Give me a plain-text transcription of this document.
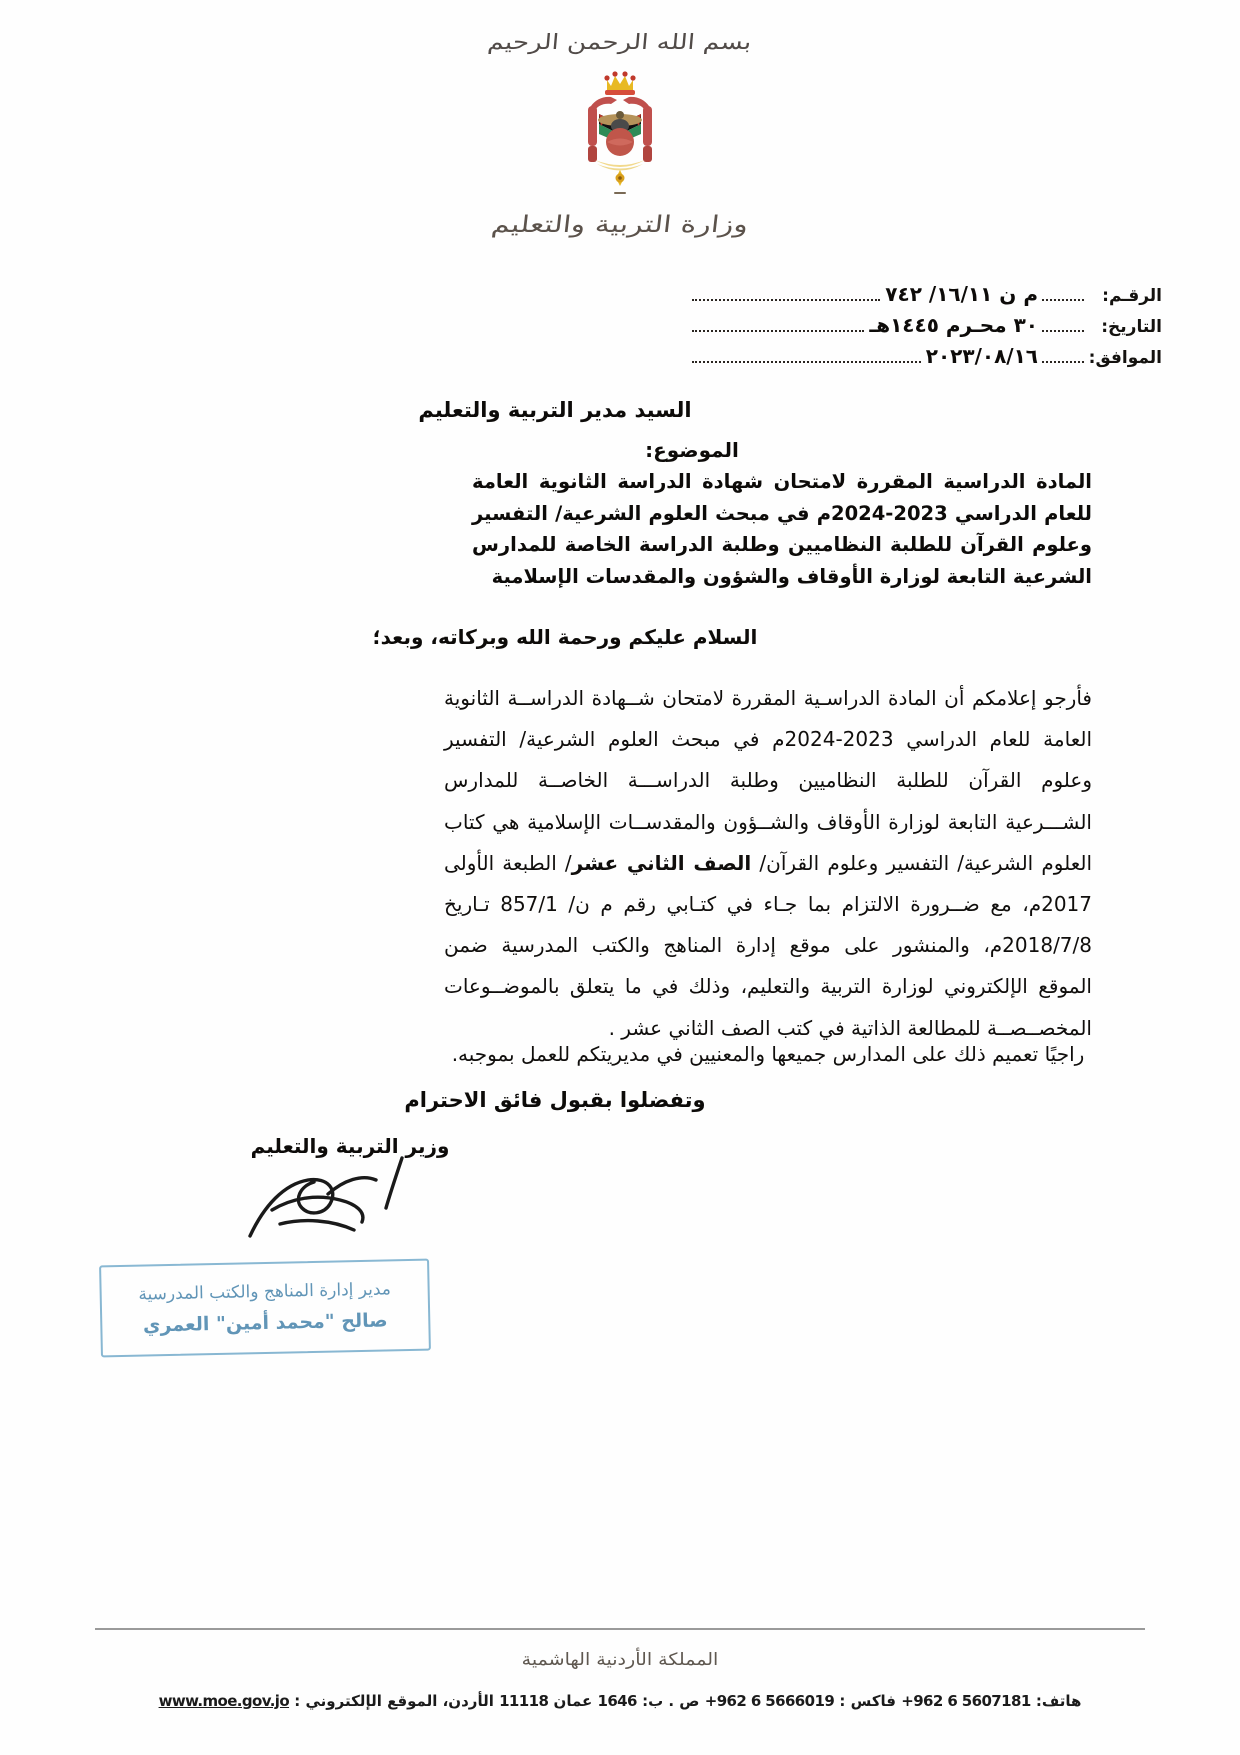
بسم الله الرحمن الرحيم
وزارة التربية والتعليم
الرقـم:
م ن ١٦/١١/ ٧٤٢
التاريخ:
٣٠ محـرم ١٤٤٥هـ
الموافق:
٢٠٢٣/٠٨/١٦
السيد مدير التربية والتعليم
الموضوع:
المادة الدراسية المقررة لامتحان شهادة الدراسة الثانوية العامة للعام الدراسي 2023-2024م في مبحث العلوم الشرعية/ التفسير وعلوم القرآن للطلبة النظاميين وطلبة الدراسة الخاصة للمدارس الشرعية التابعة لوزارة الأوقاف والشؤون والمقدسات الإسلامية
السلام عليكم ورحمة الله وبركاته، وبعد؛
فأرجو إعلامكم أن المادة الدراسـية المقررة لامتحان شــهادة الدراســة الثانوية العامة للعام الدراسي 2023-2024م في مبحث العلوم الشرعية/ التفسير وعلوم القرآن للطلبة النظاميين وطلبة الدراســـة الخاصــة للمدارس الشـــرعية التابعة لوزارة الأوقاف والشــؤون والمقدســات الإسلامية هي كتاب العلوم الشرعية/ التفسير وعلوم القرآن/ الصف الثاني عشر/ الطبعة الأولى 2017م، مع ضــرورة الالتزام بما جـاء في كتـابي رقم م ن/ 857/1 تـاريخ 2018/7/8م، والمنشور على موقع إدارة المناهج والكتب المدرسية ضمن الموقع الإلكتروني لوزارة التربية والتعليم، وذلك في ما يتعلق بالموضــوعات المخصــصــة للمطالعة الذاتية في كتب الصف الثاني عشر .
راجيًا تعميم ذلك على المدارس جميعها والمعنيين في مديريتكم للعمل بموجبه.
وتفضلوا بقبول فائق الاحترام
وزير التربية والتعليم
مدير إدارة المناهج والكتب المدرسية
صالح "محمد أمين" العمري
المملكة الأردنية الهاشمية
هاتف: +962 6 5607181 فاكس : +962 6 5666019 ص . ب: 1646 عمان 11118 الأردن، الموقع الإلكتروني : www.moe.gov.jo
